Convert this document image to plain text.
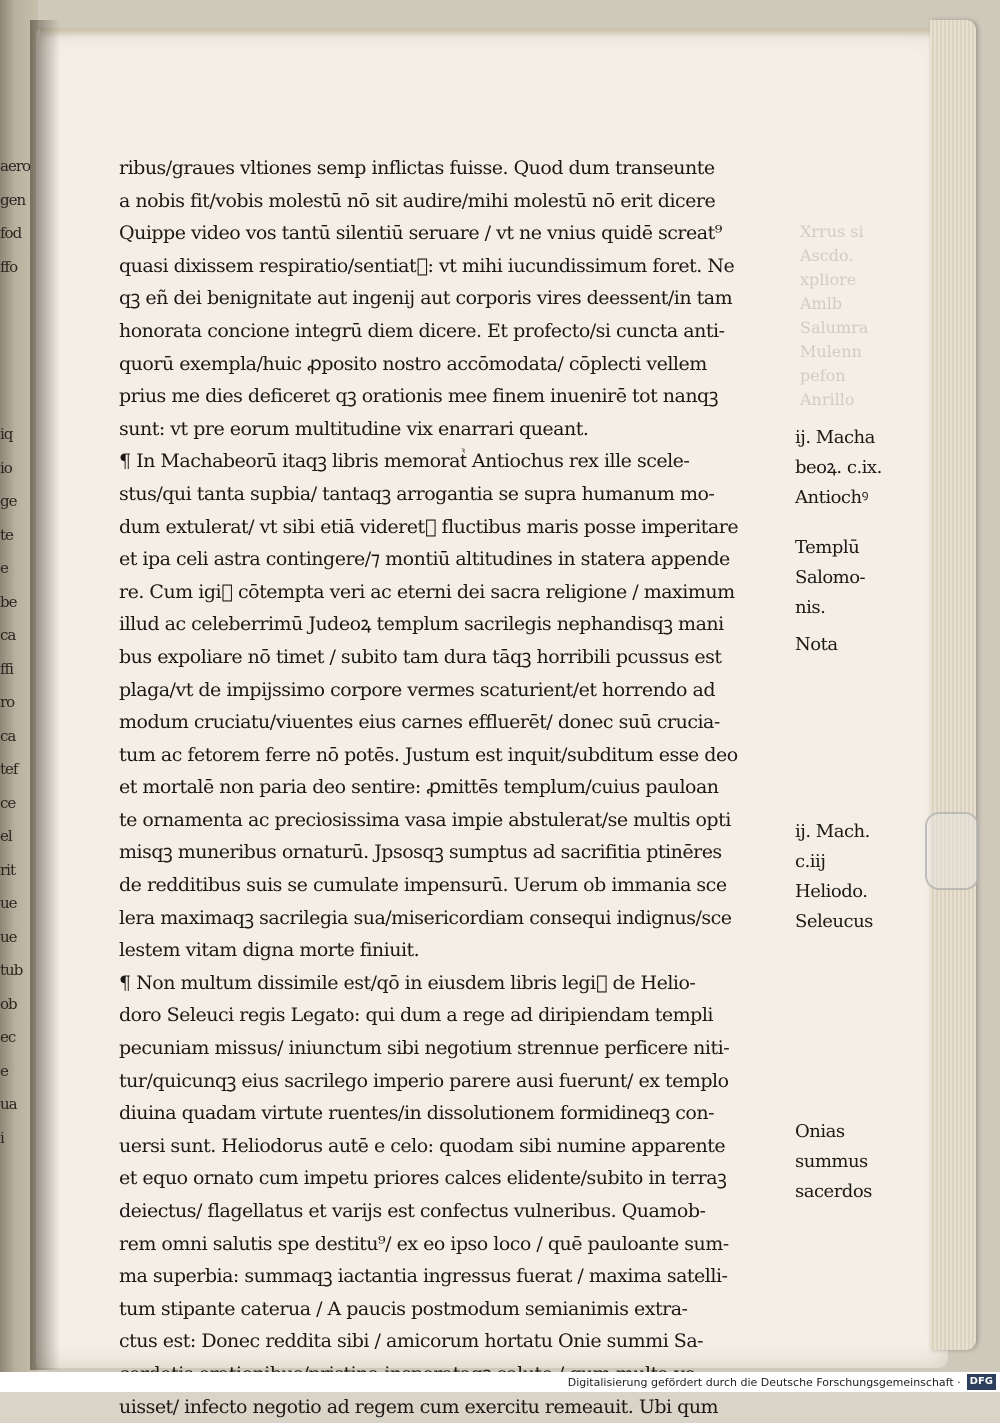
aero
gen
fod
ffo
iq
io
ge
te
e
be
ca
ffi
ro
ca
tef
ce
el
rit
ue
ue
tub
ob
ec
e
ua
i
Xrrus si
Ascdo.
xpliore
Amlb
Salumra
Mulenn
pefon
Anrillo
ribus/graues vltiones semp inflictas fuisse. Quod dum transeunte
a nobis fit/vobis molestū nō sit audire/mihi molestū nō erit dicere
Quippe video vos tantū silentiū seruare / vt ne vnius quidē screat⁹
quasi dixissem respiratio/sentiatᷣ: vt mihi iucundissimum foret. Ne
qꝫ eñ dei benignitate aut ingenij aut corporis vires deessent/in tam
honorata concione integrū diem dicere. Et profecto/si cuncta anti-
quorū exempla/huic ꝓposito nostro accōmodata/ cōplecti vellem
prius me dies deficeret qꝫ orationis mee finem inuenirē tot nanqꝫ
sunt: vt pre eorum multitudine vix enarrari queant.
¶ In Machabeorū itaqꝫ libris memoratᷣ Antiochus rex ille scele-
stus/qui tanta supbia/ tantaqꝫ arrogantia se supra humanum mo-
dum extulerat/ vt sibi etiā videretᷣ fluctibus maris posse imperitare
et ipa celi astra contingere/⁊ montiū altitudines in statera appende
re. Cum igiᷣ cōtempta veri ac eterni dei sacra religione / maximum
illud ac celeberrimū Judeoꝝ templum sacrilegis nephandisqꝫ mani
bus expoliare nō timet / subito tam dura tāqꝫ horribili pcussus est
plaga/vt de impijssimo corpore vermes scaturient/et horrendo ad
modum cruciatu/viuentes eius carnes effluerēt/ donec suū crucia-
tum ac fetorem ferre nō potēs. Justum est inquit/subditum esse deo
et mortalē non paria deo sentire: ꝓmittēs templum/cuius pauloan
te ornamenta ac preciosissima vasa impie abstulerat/se multis opti
misqꝫ muneribus ornaturū. Jpsosqꝫ sumptus ad sacrifitia ptinēres
de redditibus suis se cumulate impensurū. Uerum ob immania sce
lera maximaqꝫ sacrilegia sua/misericordiam consequi indignus/sce
lestem vitam digna morte finiuit.
¶ Non multum dissimile est/qō in eiusdem libris legiᷣ de Helio-
doro Seleuci regis Legato: qui dum a rege ad diripiendam templi
pecuniam missus/ iniunctum sibi negotium strennue perficere niti-
tur/quicunqꝫ eius sacrilego imperio parere ausi fuerunt/ ex templo
diuina quadam virtute ruentes/in dissolutionem formidineqꝫ con-
uersi sunt. Heliodorus autē e celo: quodam sibi numine apparente
et equo ornato cum impetu priores calces elidente/subito in terraꝫ
deiectus/ flagellatus et varijs est confectus vulneribus. Quamob-
rem omni salutis spe destitu⁹/ ex eo ipso loco / quē pauloante sum-
ma superbia: summaqꝫ iactantia ingressus fuerat / maxima satelli-
tum stipante caterua / A paucis postmodum semianimis extra-
ctus est: Donec reddita sibi / amicorum hortatu Onie summi Sa-
uisset/ infecto negotio ad regem cum exercitu remeauit. Ubi qum
ij. Macha
beoꝝ. c.ix.
Antiochꝰ
Templū
Salomo-
nis.
Nota
ij. Mach.
c.iij
Heliodo.
Seleucus
Onias
summus
sacerdos
Digitalisierung gefördert durch die Deutsche Forschungsgemeinschaft · DFG
